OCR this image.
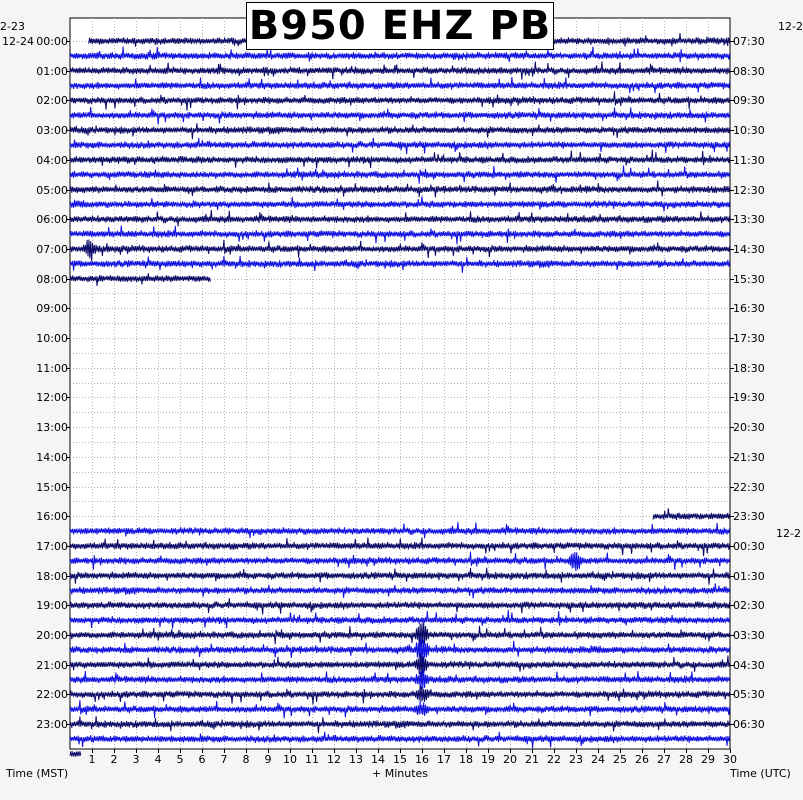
B950 EHZ PB
1	2	3	4	5	6	7	8	9	10 11 12 13 14 15 16 17 18 19 20 21 22 23 24 25 26 27 28 29 30
00:00
01:00
02:00
03:00
04:00
05:00
06:00
07:00
08:00
09:00
10:00
11:00
12:00
13:00
14:00
15:00
16:00
17:00
18:00
19:00
20:00
21:00
22:00
23:00
07:30
08:30
09:30
10:30
11:30
12:30
13:30
14:30
15:30
16:30
17:30
18:30
19:30
20:30
21:30
22:30
23:30
00:30
01:30
02:30
03:30
04:30
05:30
06:30
Time (MST)	+ Minutes	Time (UTC)
2-23
12-24
12-2
12-2
